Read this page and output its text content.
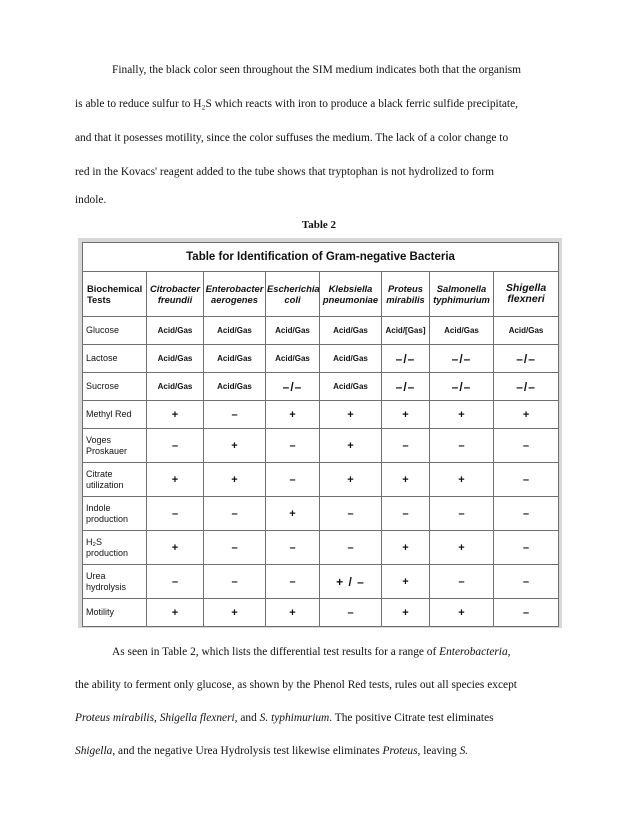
Finally, the black color seen throughout the SIM medium indicates both that the organism
is able to reduce sulfur to H₂S which reacts with iron to produce a black ferric sulfide precipitate,
and that it posesses motility, since the color suffuses the medium. The lack of a color change to
red in the Kovacs' reagent added to the tube shows that tryptophan is not hydrolized to form
indole.
Table 2
Table for Identification of Gram-negative Bacteria							
Biochemical Tests	Citrobacter freundii	Enterobacter aerogenes	Escherichia coli	Klebsiella pneumoniae	Proteus mirabilis	Salmonella typhimurium	Shigella flexneri
Glucose	Acid/Gas	Acid/Gas	Acid/Gas	Acid/Gas	Acid/[Gas]	Acid/Gas	Acid/Gas
Lactose	Acid/Gas	Acid/Gas	Acid/Gas	Acid/Gas	–/–	–/–	–/–
Sucrose	Acid/Gas	Acid/Gas	–/–	Acid/Gas	–/–	–/–	–/–
Methyl Red	+	–	+	+	+	+	+
Voges Proskauer	–	+	–	+	–	–	–
Citrate utilization	+	+	–	+	+	+	–
Indole production	–	–	+	–	–	–	–
H₂S production	+	–	–	–	+	+	–
Urea hydrolysis	–	–	–	+ / –	+	–	–
Motility	+	+	+	–	+	+	–
As seen in Table 2, which lists the differential test results for a range of Enterobacteria,
the ability to ferment only glucose, as shown by the Phenol Red tests, rules out all species except
Proteus mirabilis, Shigella flexneri, and S. typhimurium. The positive Citrate test eliminates
Shigella, and the negative Urea Hydrolysis test likewise eliminates Proteus, leaving S.
